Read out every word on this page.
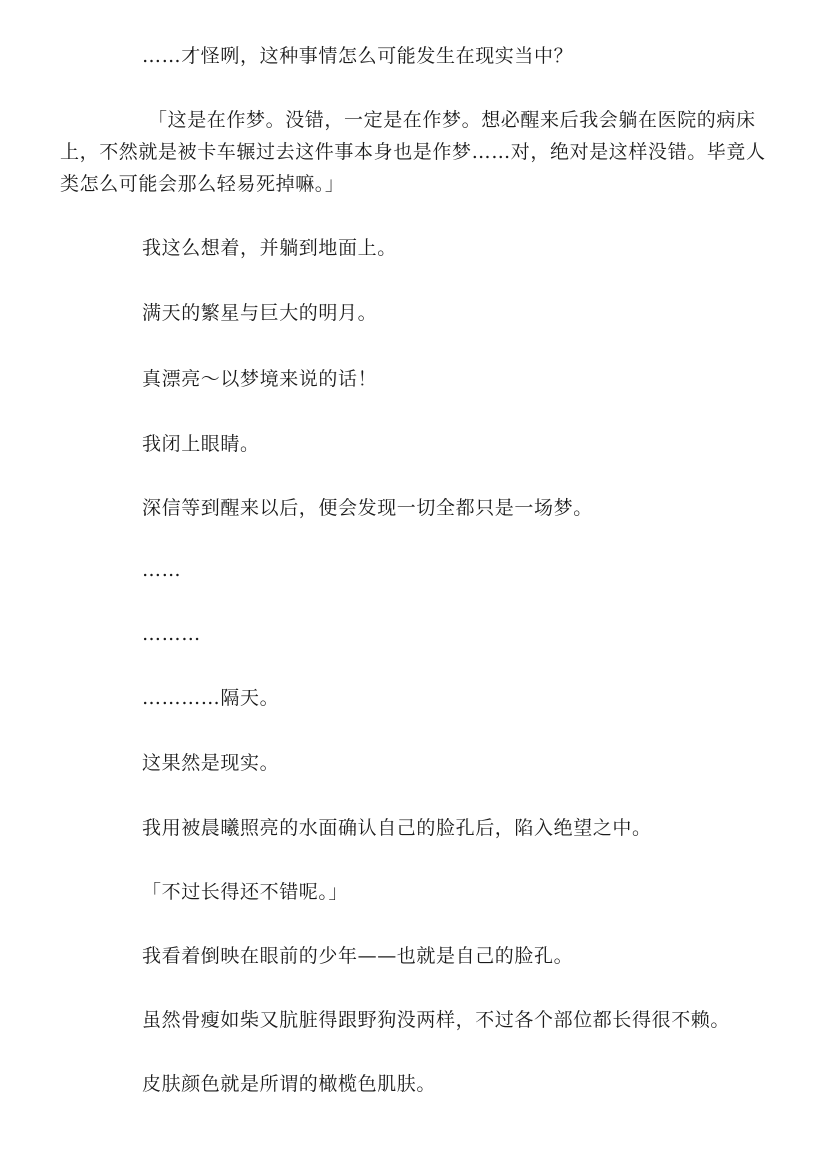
……才怪咧，这种事情怎么可能发生在现实当中？

「这是在作梦。没错，一定是在作梦。想必醒来后我会躺在医院的病床上，不然就是被卡车辗过去这件事本身也是作梦……对，绝对是这样没错。毕竟人类怎么可能会那么轻易死掉嘛。」

我这么想着，并躺到地面上。

满天的繁星与巨大的明月。

真漂亮～以梦境来说的话！

我闭上眼睛。

深信等到醒来以后，便会发现一切全都只是一场梦。

……

………

…………隔天。

这果然是现实。

我用被晨曦照亮的水面确认自己的脸孔后，陷入绝望之中。

「不过长得还不错呢。」

我看着倒映在眼前的少年——也就是自己的脸孔。

虽然骨瘦如柴又肮脏得跟野狗没两样，不过各个部位都长得很不赖。

皮肤颜色就是所谓的橄榄色肌肤。
